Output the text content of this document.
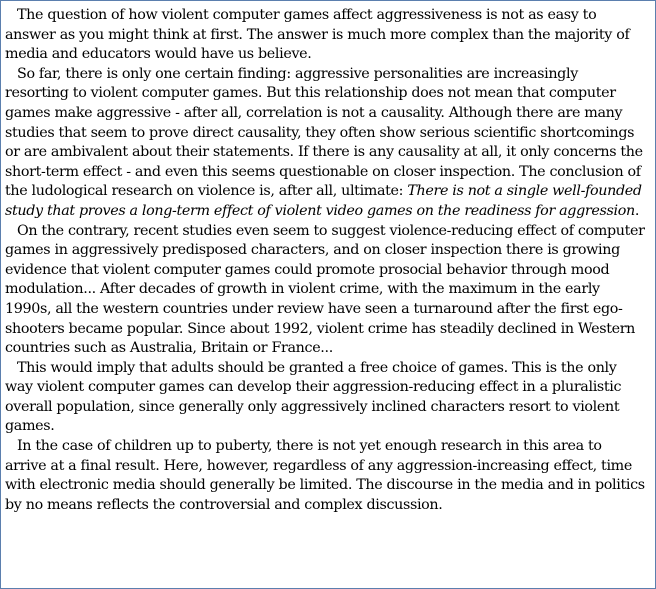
The question of how violent computer games affect aggressiveness is not as easy to answer as you might think at first. The answer is much more complex than the majority of media and educators would have us believe.

So far, there is only one certain finding: aggressive personalities are increasingly resorting to violent computer games. But this relationship does not mean that computer games make aggressive - after all, correlation is not a causality. Although there are many studies that seem to prove direct causality, they often show serious scientific shortcomings or are ambivalent about their statements. If there is any causality at all, it only concerns the short-term effect - and even this seems questionable on closer inspection. The conclusion of the ludological research on violence is, after all, ultimate: There is not a single well-founded study that proves a long-term effect of violent video games on the readiness for aggression.

On the contrary, recent studies even seem to suggest violence-reducing effect of computer games in aggressively predisposed characters, and on closer inspection there is growing evidence that violent computer games could promote prosocial behavior through mood modulation... After decades of growth in violent crime, with the maximum in the early 1990s, all the western countries under review have seen a turnaround after the first ego- shooters became popular. Since about 1992, violent crime has steadily declined in Western countries such as Australia, Britain or France...

This would imply that adults should be granted a free choice of games. This is the only way violent computer games can develop their aggression-reducing effect in a pluralistic overall population, since generally only aggressively inclined characters resort to violent games.

In the case of children up to puberty, there is not yet enough research in this area to arrive at a final result. Here, however, regardless of any aggression-increasing effect, time with electronic media should generally be limited. The discourse in the media and in politics by no means reflects the controversial and complex discussion.
